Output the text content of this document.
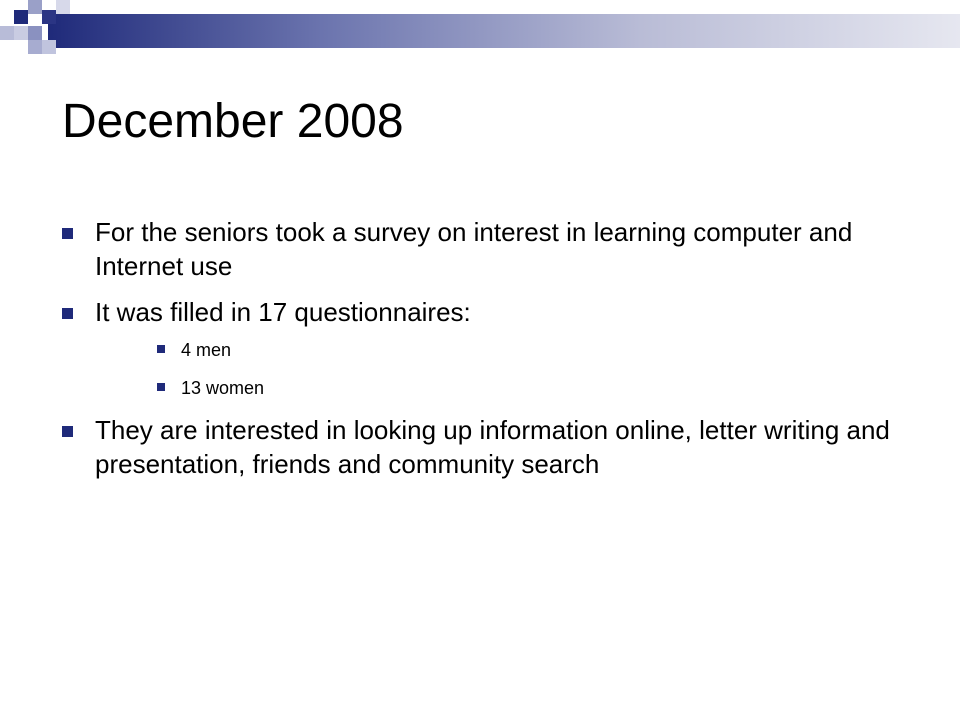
December 2008
For the seniors took a survey on interest in learning computer and Internet use
It was filled in 17 questionnaires:
4 men
13 women
They are interested in looking up information online, letter writing and presentation, friends and community search
